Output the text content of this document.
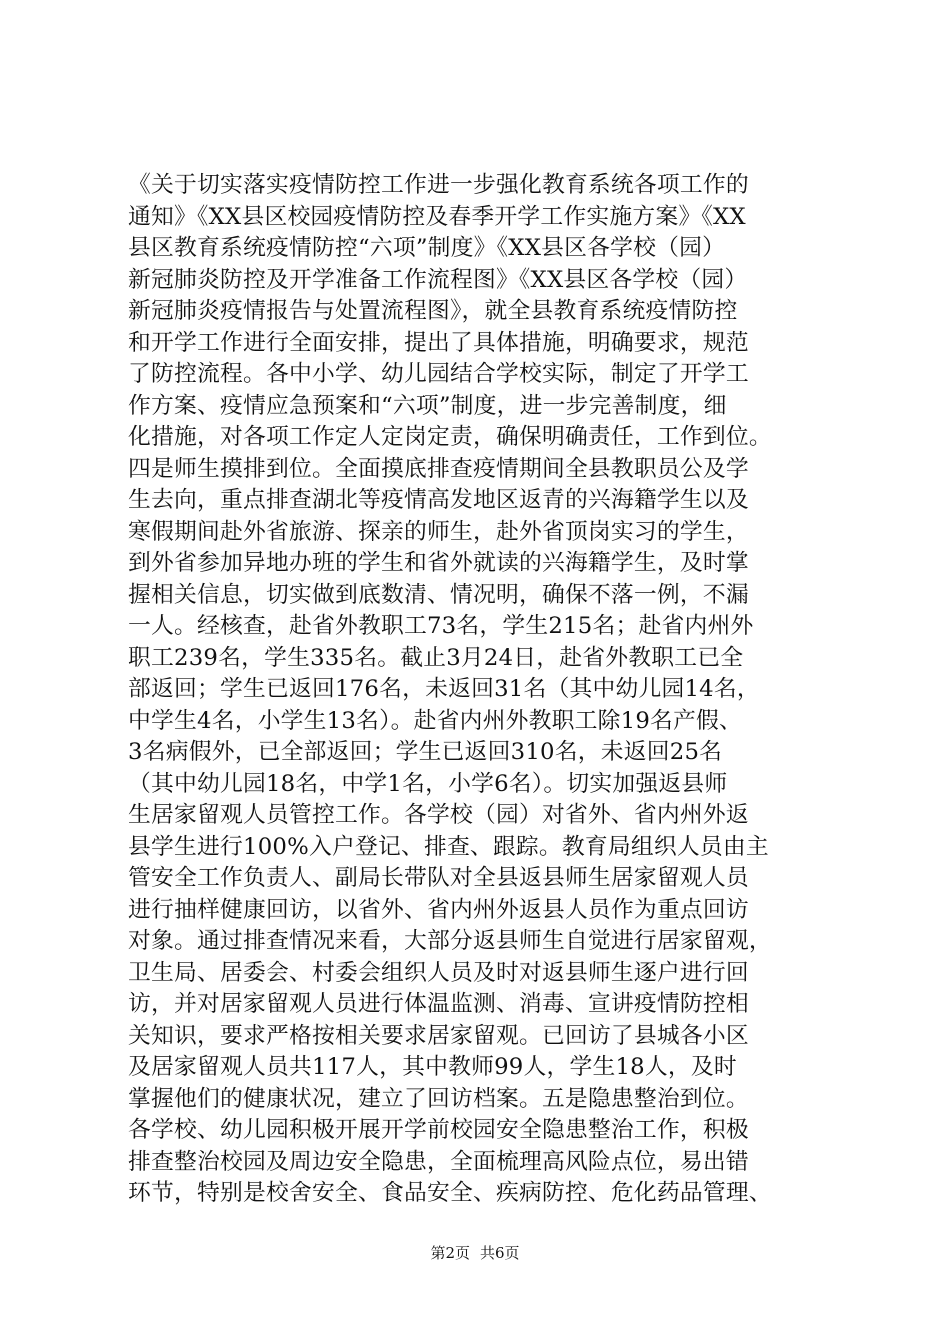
《关于切实落实疫情防控工作进一步强化教育系统各项工作的
通知》《XX县区校园疫情防控及春季开学工作实施方案》《XX
县区教育系统疫情防控“六项”制度》《XX县区各学校（园）
新冠肺炎防控及开学准备工作流程图》《XX县区各学校（园）
新冠肺炎疫情报告与处置流程图》，就全县教育系统疫情防控
和开学工作进行全面安排，提出了具体措施，明确要求，规范
了防控流程。各中小学、幼儿园结合学校实际，制定了开学工
作方案、疫情应急预案和“六项”制度，进一步完善制度，细
化措施，对各项工作定人定岗定责，确保明确责任，工作到位。
四是师生摸排到位。全面摸底排查疫情期间全县教职员公及学
生去向，重点排查湖北等疫情高发地区返青的兴海籍学生以及
寒假期间赴外省旅游、探亲的师生，赴外省顶岗实习的学生，
到外省参加异地办班的学生和省外就读的兴海籍学生，及时掌
握相关信息，切实做到底数清、情况明，确保不落一例，不漏
一人。经核查，赴省外教职工73名，学生215名；赴省内州外
职工239名，学生335名。截止3月24日，赴省外教职工已全
部返回；学生已返回176名，未返回31名（其中幼儿园14名，
中学生4名，小学生13名）。赴省内州外教职工除19名产假、
3名病假外，已全部返回；学生已返回310名，未返回25名
（其中幼儿园18名，中学1名，小学6名）。切实加强返县师
生居家留观人员管控工作。各学校（园）对省外、省内州外返
县学生进行100%入户登记、排查、跟踪。教育局组织人员由主
管安全工作负责人、副局长带队对全县返县师生居家留观人员
进行抽样健康回访，以省外、省内州外返县人员作为重点回访
对象。通过排查情况来看，大部分返县师生自觉进行居家留观，
卫生局、居委会、村委会组织人员及时对返县师生逐户进行回
访，并对居家留观人员进行体温监测、消毒、宣讲疫情防控相
关知识，要求严格按相关要求居家留观。已回访了县城各小区
及居家留观人员共117人，其中教师99人，学生18人，及时
掌握他们的健康状况，建立了回访档案。五是隐患整治到位。
各学校、幼儿园积极开展开学前校园安全隐患整治工作，积极
排查整治校园及周边安全隐患，全面梳理高风险点位，易出错
环节，特别是校舍安全、食品安全、疾病防控、危化药品管理、
第2页 共6页
